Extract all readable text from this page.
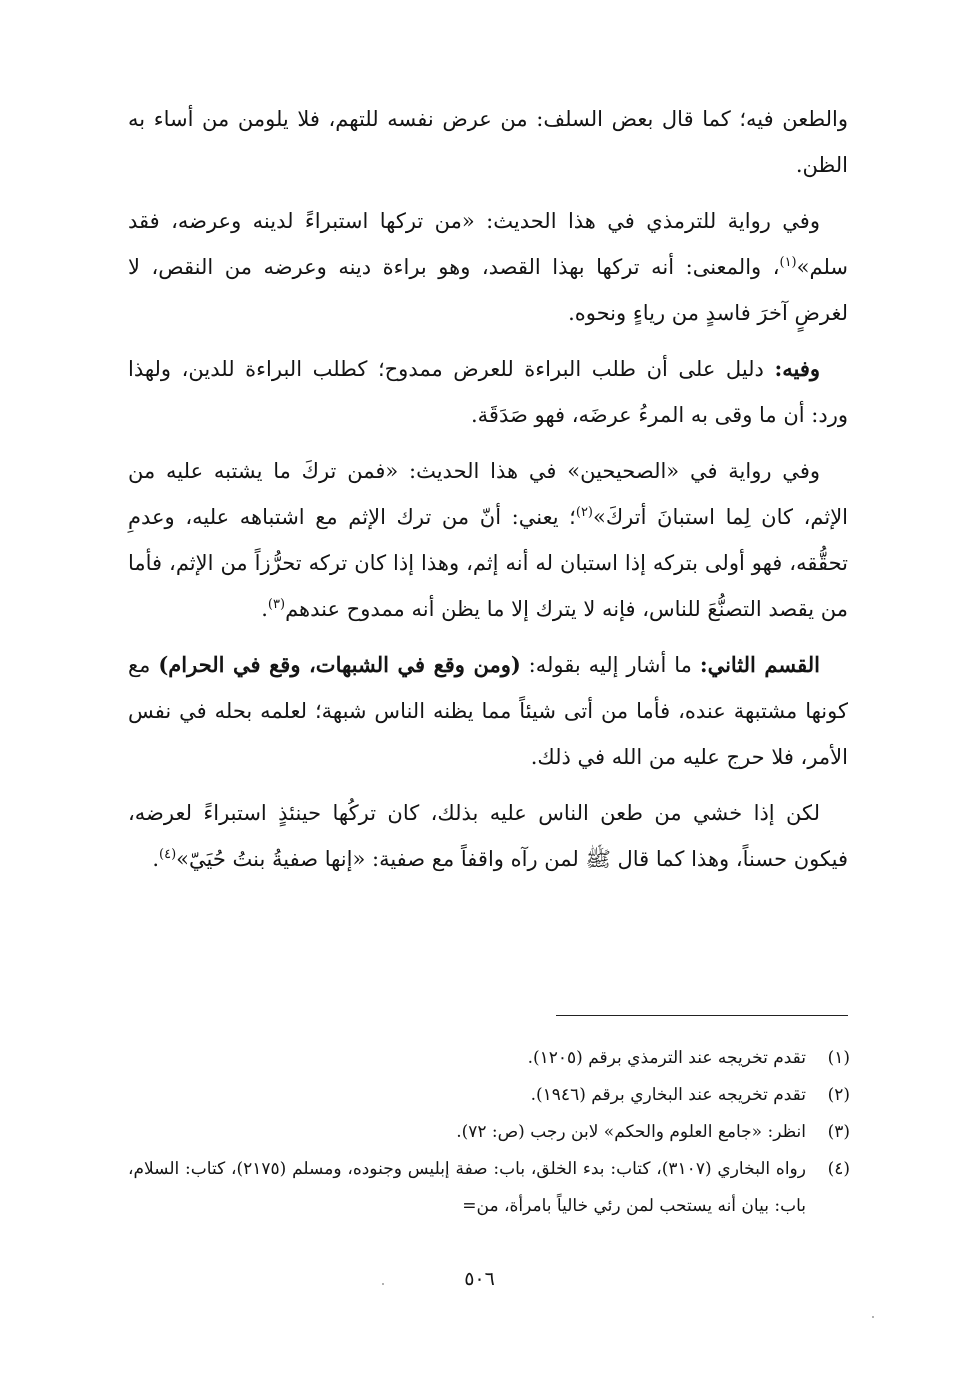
والطعن فيه؛ كما قال بعض السلف: من عرض نفسه للتهم، فلا يلومن من أساء به الظن.

وفي رواية للترمذي في هذا الحديث: «من تركها استبراءً لدينه وعرضه، فقد سلم»$^{(١)}$، والمعنى: أنه تركها بهذا القصد، وهو براءة دينه وعرضه من النقص، لا لغرضٍ آخرَ فاسدٍ من رياءٍ ونحوه.

وفيه: دليل على أن طلب البراءة للعرض ممدوح؛ كطلب البراءة للدين، ولهذا ورد: أن ما وقى به المرءُ عرضَه، فهو صَدَقَة.

وفي رواية في «الصحيحين» في هذا الحديث: «فمن تركَ ما يشتبه عليه من الإثم، كان لِما استبانَ أتركَ»$^{(٢)}$؛ يعني: أنّ من ترك الإثم مع اشتباهه عليه، وعدمِ تحقُّقه، فهو أولى بتركه إذا استبان له أنه إثم، وهذا إذا كان تركه تحرُّزاً من الإثم، فأما من يقصد التصنُّعَ للناس، فإنه لا يترك إلا ما يظن أنه ممدوح عندهم$^{(٣)}$.

القسم الثاني: ما أشار إليه بقوله: (ومن وقع في الشبهات، وقع في الحرام) مع كونها مشتبهة عنده، فأما من أتى شيئاً مما يظنه الناس شبهة؛ لعلمه بحله في نفس الأمر، فلا حرج عليه من الله في ذلك.

لكن إذا خشي من طعن الناس عليه بذلك، كان تركُها حينئذٍ استبراءً لعرضه، فيكون حسناً، وهذا كما قال ﷺ لمن رآه واقفاً مع صفية: «إنها صفيةُ بنتُ حُيَيّ»$^{(٤)}$.

(١)
تقدم تخريجه عند الترمذي برقم (١٢٠٥).
(٢)
تقدم تخريجه عند البخاري برقم (١٩٤٦).
(٣)
انظر: «جامع العلوم والحكم» لابن رجب (ص: ٧٢).
(٤)
رواه البخاري (٣١٠٧)، كتاب: بدء الخلق، باب: صفة إبليس وجنوده، ومسلم (٢١٧٥)، كتاب: السلام، باب: بيان أنه يستحب لمن رئي خالياً بامرأة، من=
٥٠٦
